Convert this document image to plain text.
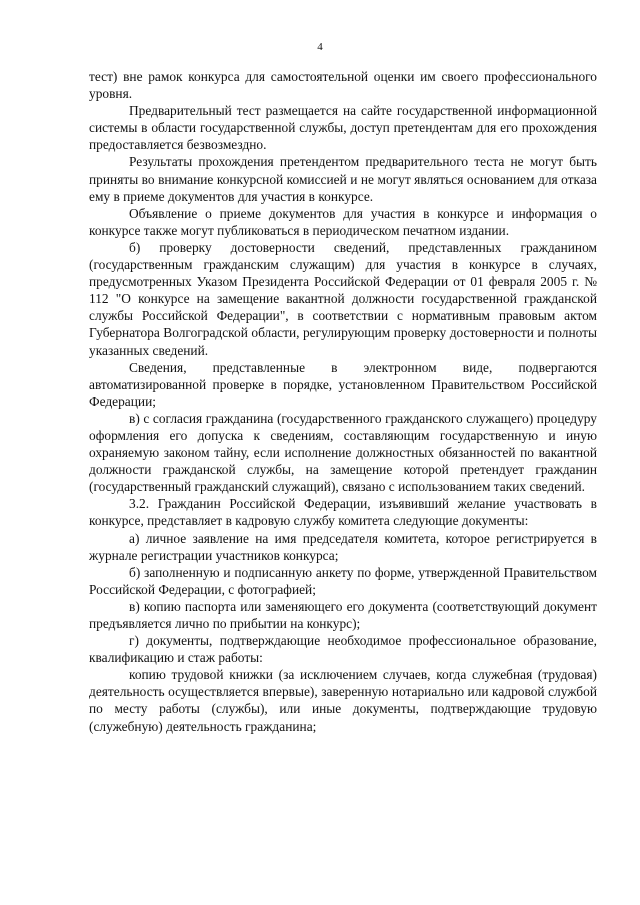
4

тест) вне рамок конкурса для самостоятельной оценки им своего профессионального уровня.

Предварительный тест размещается на сайте государственной информационной системы в области государственной службы, доступ претендентам для его прохождения предоставляется безвозмездно.

Результаты прохождения претендентом предварительного теста не могут быть приняты во внимание конкурсной комиссией и не могут являться основанием для отказа ему в приеме документов для участия в конкурсе.

Объявление о приеме документов для участия в конкурсе и информация о конкурсе также могут публиковаться в периодическом печатном издании.

б) проверку достоверности сведений, представленных гражданином (государственным гражданским служащим) для участия в конкурсе в случаях, предусмотренных Указом Президента Российской Федерации от 01 февраля 2005 г. № 112 "О конкурсе на замещение вакантной должности государственной гражданской службы Российской Федерации", в соответствии с нормативным правовым актом Губернатора Волгоградской области, регулирующим проверку достоверности и полноты указанных сведений.

Сведения, представленные в электронном виде, подвергаются автоматизированной проверке в порядке, установленном Правительством Российской Федерации;

в) с согласия гражданина (государственного гражданского служащего) процедуру оформления его допуска к сведениям, составляющим государственную и иную охраняемую законом тайну, если исполнение должностных обязанностей по вакантной должности гражданской службы, на замещение которой претендует гражданин (государственный гражданский служащий), связано с использованием таких сведений.

3.2. Гражданин Российской Федерации, изъявивший желание участвовать в конкурсе, представляет в кадровую службу комитета следующие документы:

а) личное заявление на имя председателя комитета, которое регистрируется в журнале регистрации участников конкурса;

б) заполненную и подписанную анкету по форме, утвержденной Правительством Российской Федерации, с фотографией;

в) копию паспорта или заменяющего его документа (соответствующий документ предъявляется лично по прибытии на конкурс);

г) документы, подтверждающие необходимое профессиональное образование, квалификацию и стаж работы:

копию трудовой книжки (за исключением случаев, когда служебная (трудовая) деятельность осуществляется впервые), заверенную нотариально или кадровой службой по месту работы (службы), или иные документы, подтверждающие трудовую (служебную) деятельность гражданина;
